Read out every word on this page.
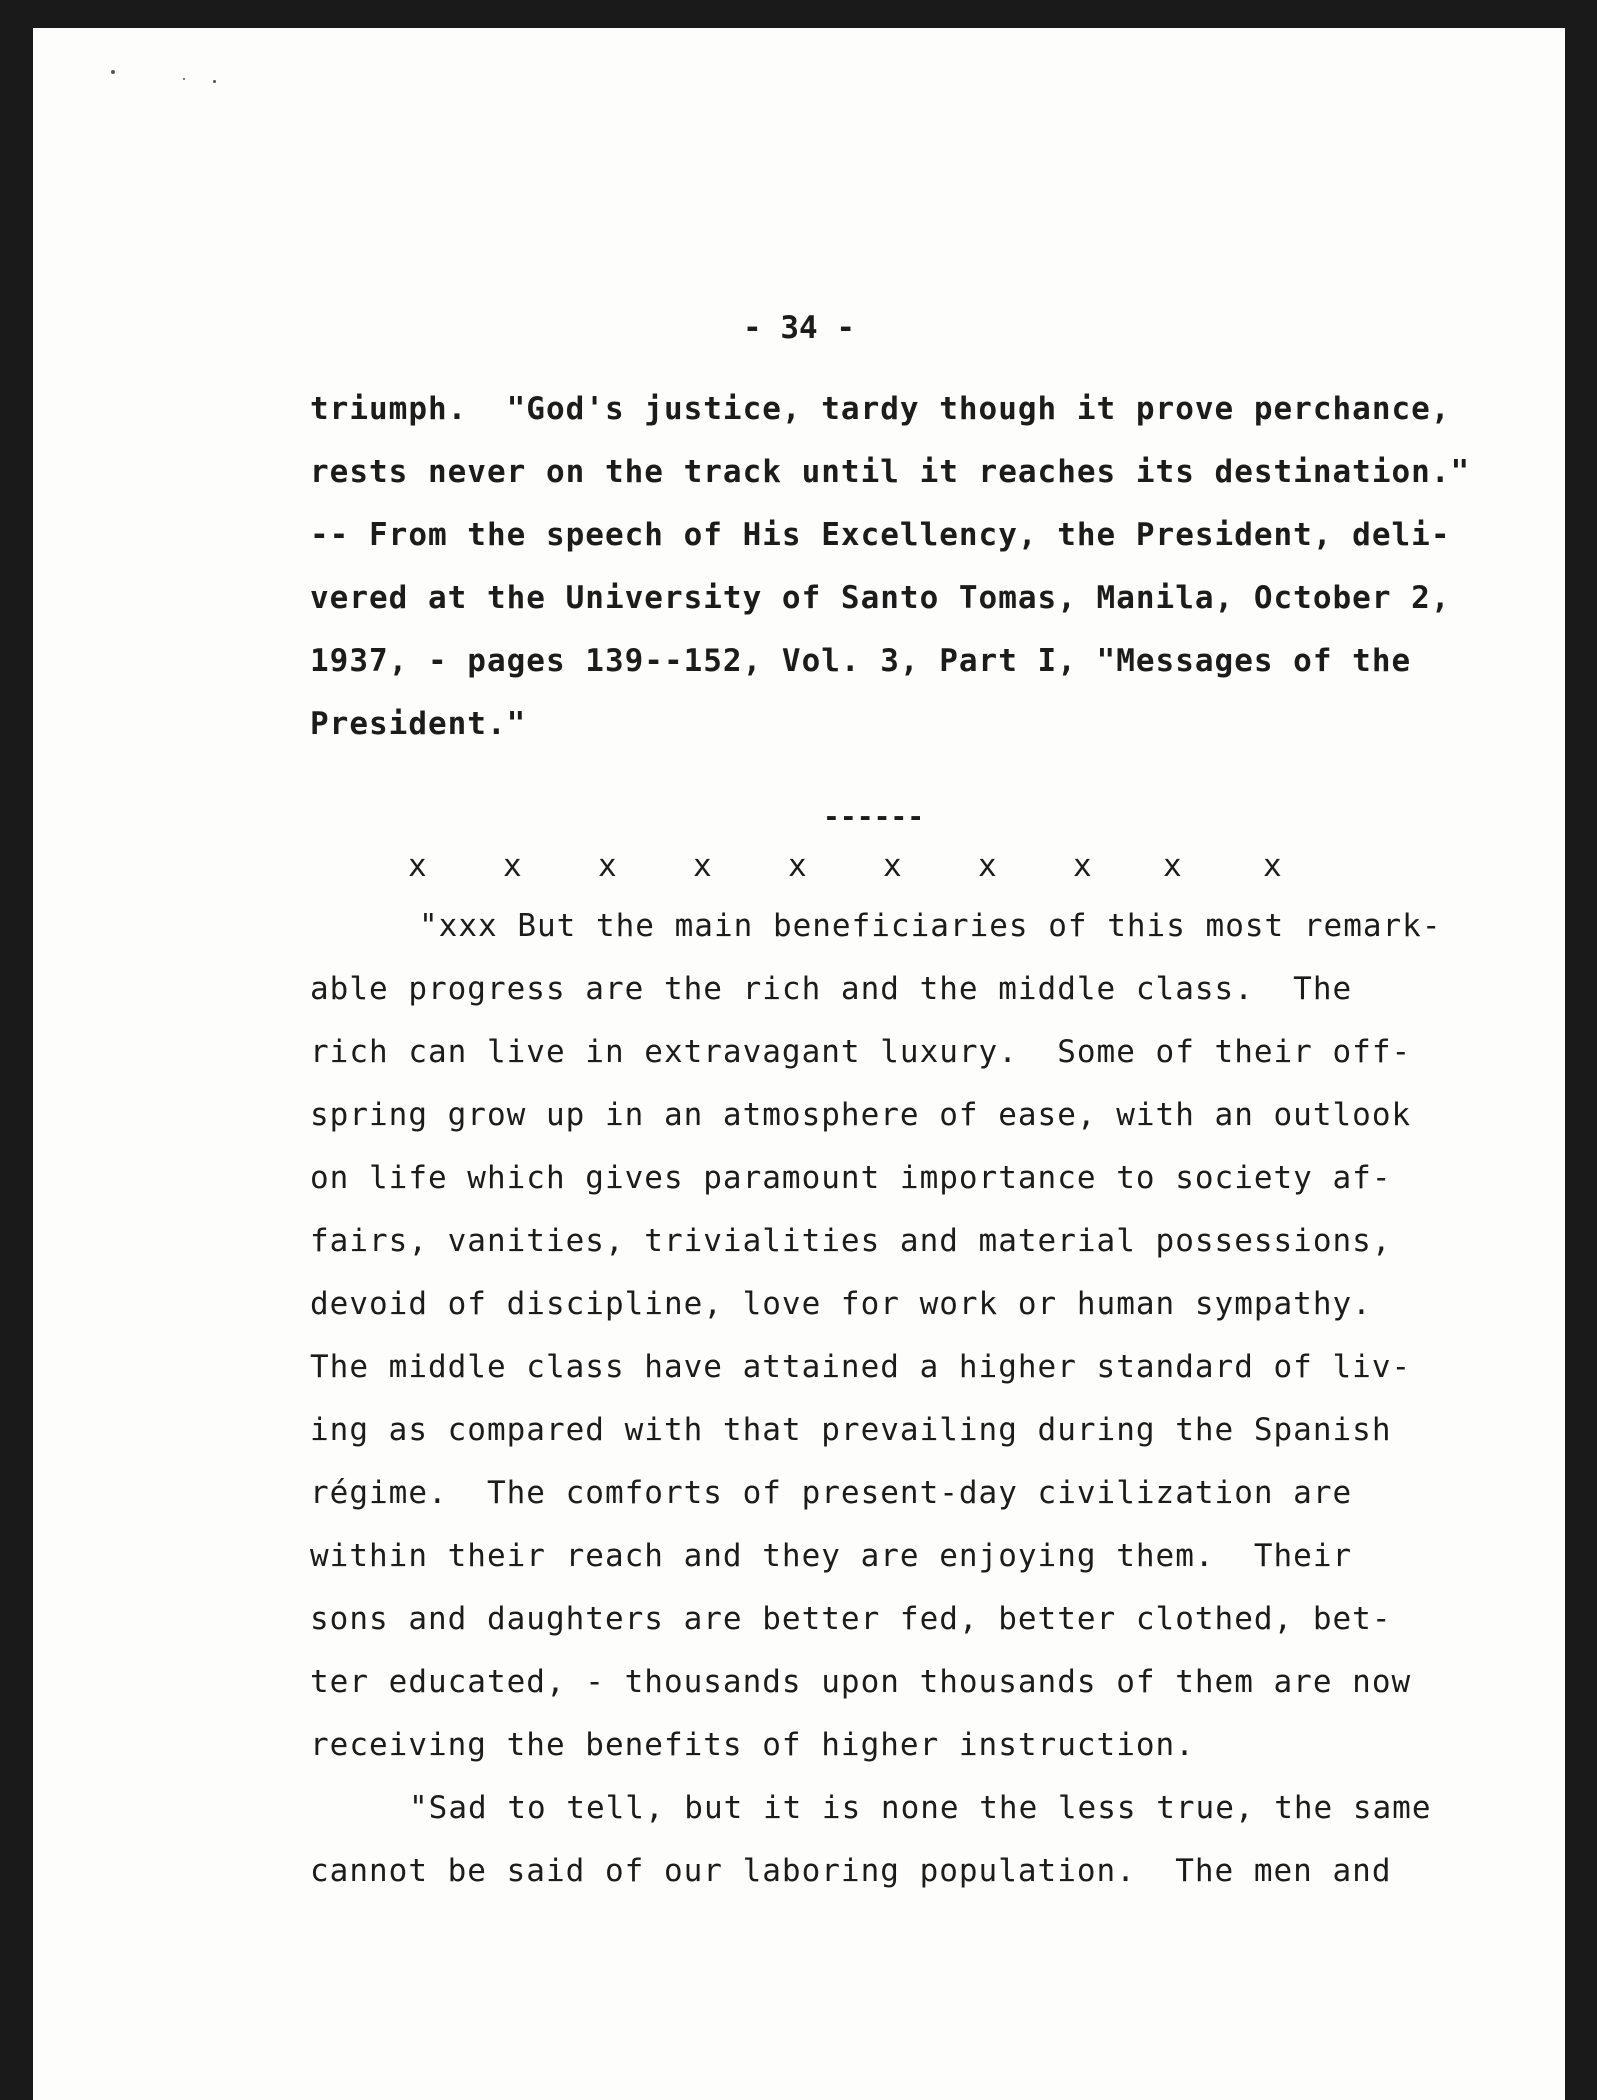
- 34 -
triumph.  "God's justice, tardy though it prove perchance,
rests never on the track until it reaches its destination."
-- From the speech of His Excellency, the President, deli-
vered at the University of Santo Tomas, Manila, October 2,
1937, - pages 139--152, Vol. 3, Part I, "Messages of the
President."
------
x x x x x x x x x	x
"xxx But the main beneficiaries of this most remark-
able progress are the rich and the middle class.  The
rich can live in extravagant luxury.  Some of their off-
spring grow up in an atmosphere of ease, with an outlook
on life which gives paramount importance to society af-
fairs, vanities, trivialities and material possessions,
devoid of discipline, love for work or human sympathy.
The middle class have attained a higher standard of liv-
ing as compared with that prevailing during the Spanish
régime.  The comforts of present-day civilization are
within their reach and they are enjoying them.  Their
sons and daughters are better fed, better clothed, bet-
ter educated, - thousands upon thousands of them are now
receiving the benefits of higher instruction.
"Sad to tell, but it is none the less true, the same
cannot be said of our laboring population.  The men and
